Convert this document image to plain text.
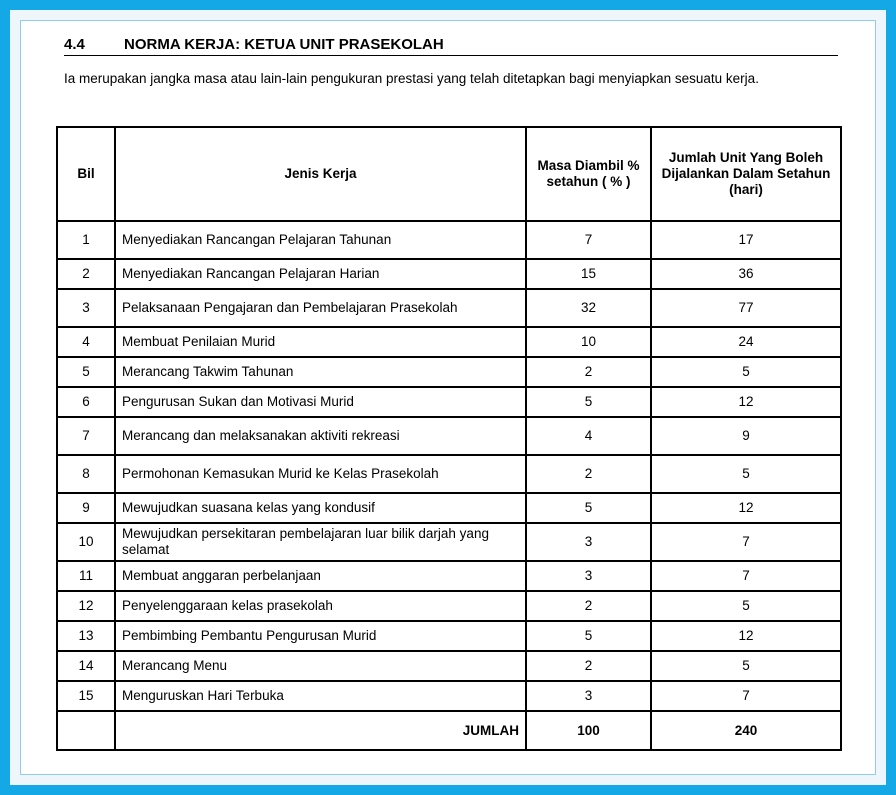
4.4	NORMA KERJA: KETUA UNIT PRASEKOLAH
Ia merupakan jangka masa atau lain-lain pengukuran prestasi yang telah ditetapkan bagi menyiapkan sesuatu kerja.
Bil	Jenis Kerja	Masa Diambil % setahun ( % )	Jumlah Unit Yang Boleh Dijalankan Dalam Setahun (hari)
1	Menyediakan Rancangan Pelajaran Tahunan	7	17
2	Menyediakan Rancangan Pelajaran Harian	15	36
3	Pelaksanaan Pengajaran dan Pembelajaran Prasekolah	32	77
4	Membuat Penilaian Murid	10	24
5	Merancang Takwim Tahunan	2	5
6	Pengurusan Sukan dan Motivasi Murid	5	12
7	Merancang dan melaksanakan aktiviti rekreasi	4	9
8	Permohonan Kemasukan Murid ke Kelas Prasekolah	2	5
9	Mewujudkan suasana kelas yang kondusif	5	12
10	Mewujudkan persekitaran pembelajaran luar bilik darjah yang selamat	3	7
11	Membuat anggaran perbelanjaan	3	7
12	Penyelenggaraan kelas prasekolah	2	5
13	Pembimbing Pembantu Pengurusan Murid	5	12
14	Merancang Menu	2	5
15	Menguruskan Hari Terbuka	3	7
	JUMLAH	100	240
